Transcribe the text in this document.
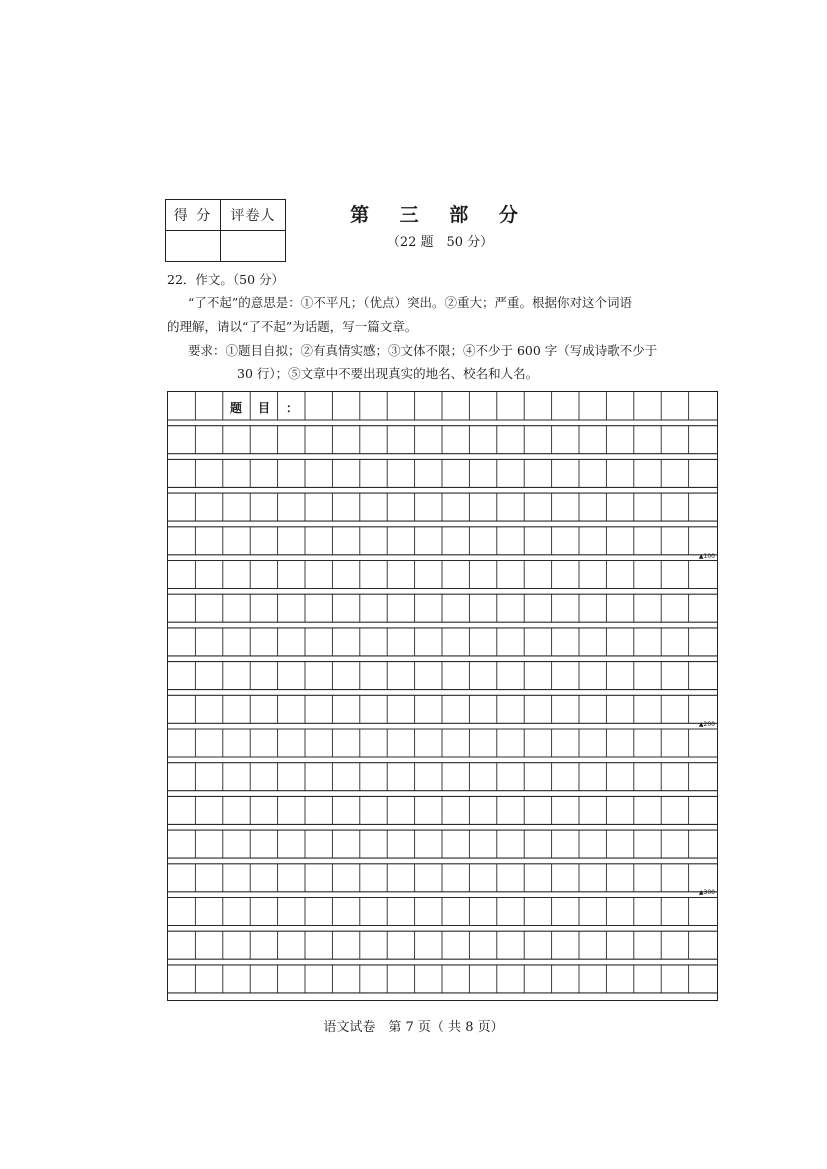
得 分	评卷人	第 三 部 分
（22 题　50 分）
22．作文。（50 分）
“了不起”的意思是：①不平凡；（优点）突出。②重大；严重。根据你对这个词语
的理解，请以“了不起”为话题，写一篇文章。
要求：①题目自拟；②有真情实感；③文体不限；④不少于 600 字（写成诗歌不少于
30 行）；⑤文章中不要出现真实的地名、校名和人名。
题 目 ：
▲100
▲200
▲300
语文试卷　第 7 页（ 共 8 页）
